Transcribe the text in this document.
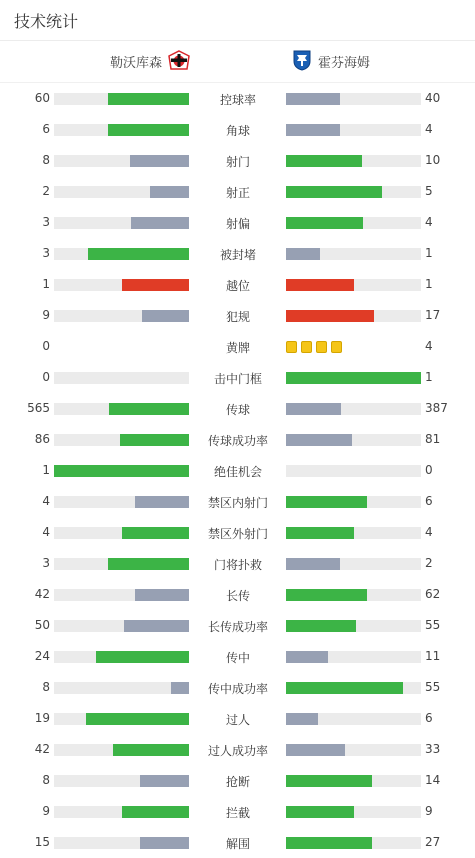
技术统计
勒沃库森	霍芬海姆
60	控球率	40
6	角球	4
8	射门	10
2	射正	5
3	射偏	4
3	被封堵	1
1	越位	1
9	犯规	17
0	黄牌	4
0	击中门框	1
565	传球	387
86	传球成功率	81
1	绝佳机会	0
4	禁区内射门	6
4	禁区外射门	4
3	门将扑救	2
42	长传	62
50	长传成功率	55
24	传中	11
8	传中成功率	55
19	过人	6
42	过人成功率	33
8	抢断	14
9	拦截	9
15	解围	27
